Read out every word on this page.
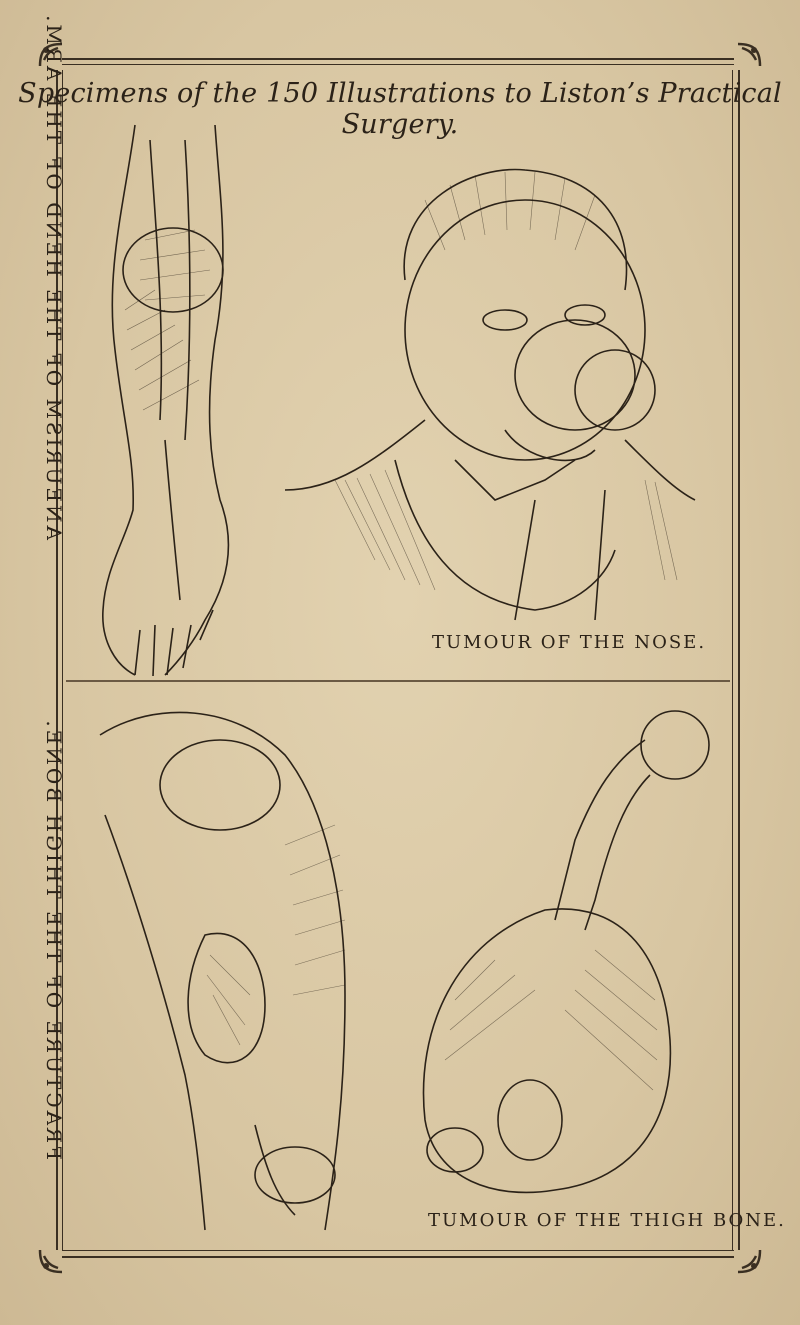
Specimens of the 150 Illustrations to Liston’s Practical Surgery.
ANEURISM OF THE HEND OF THE ARM.
TUMOUR OF THE NOSE.
FRACTURE OF THE THIGH BONE.
TUMOUR OF THE THIGH BONE.
